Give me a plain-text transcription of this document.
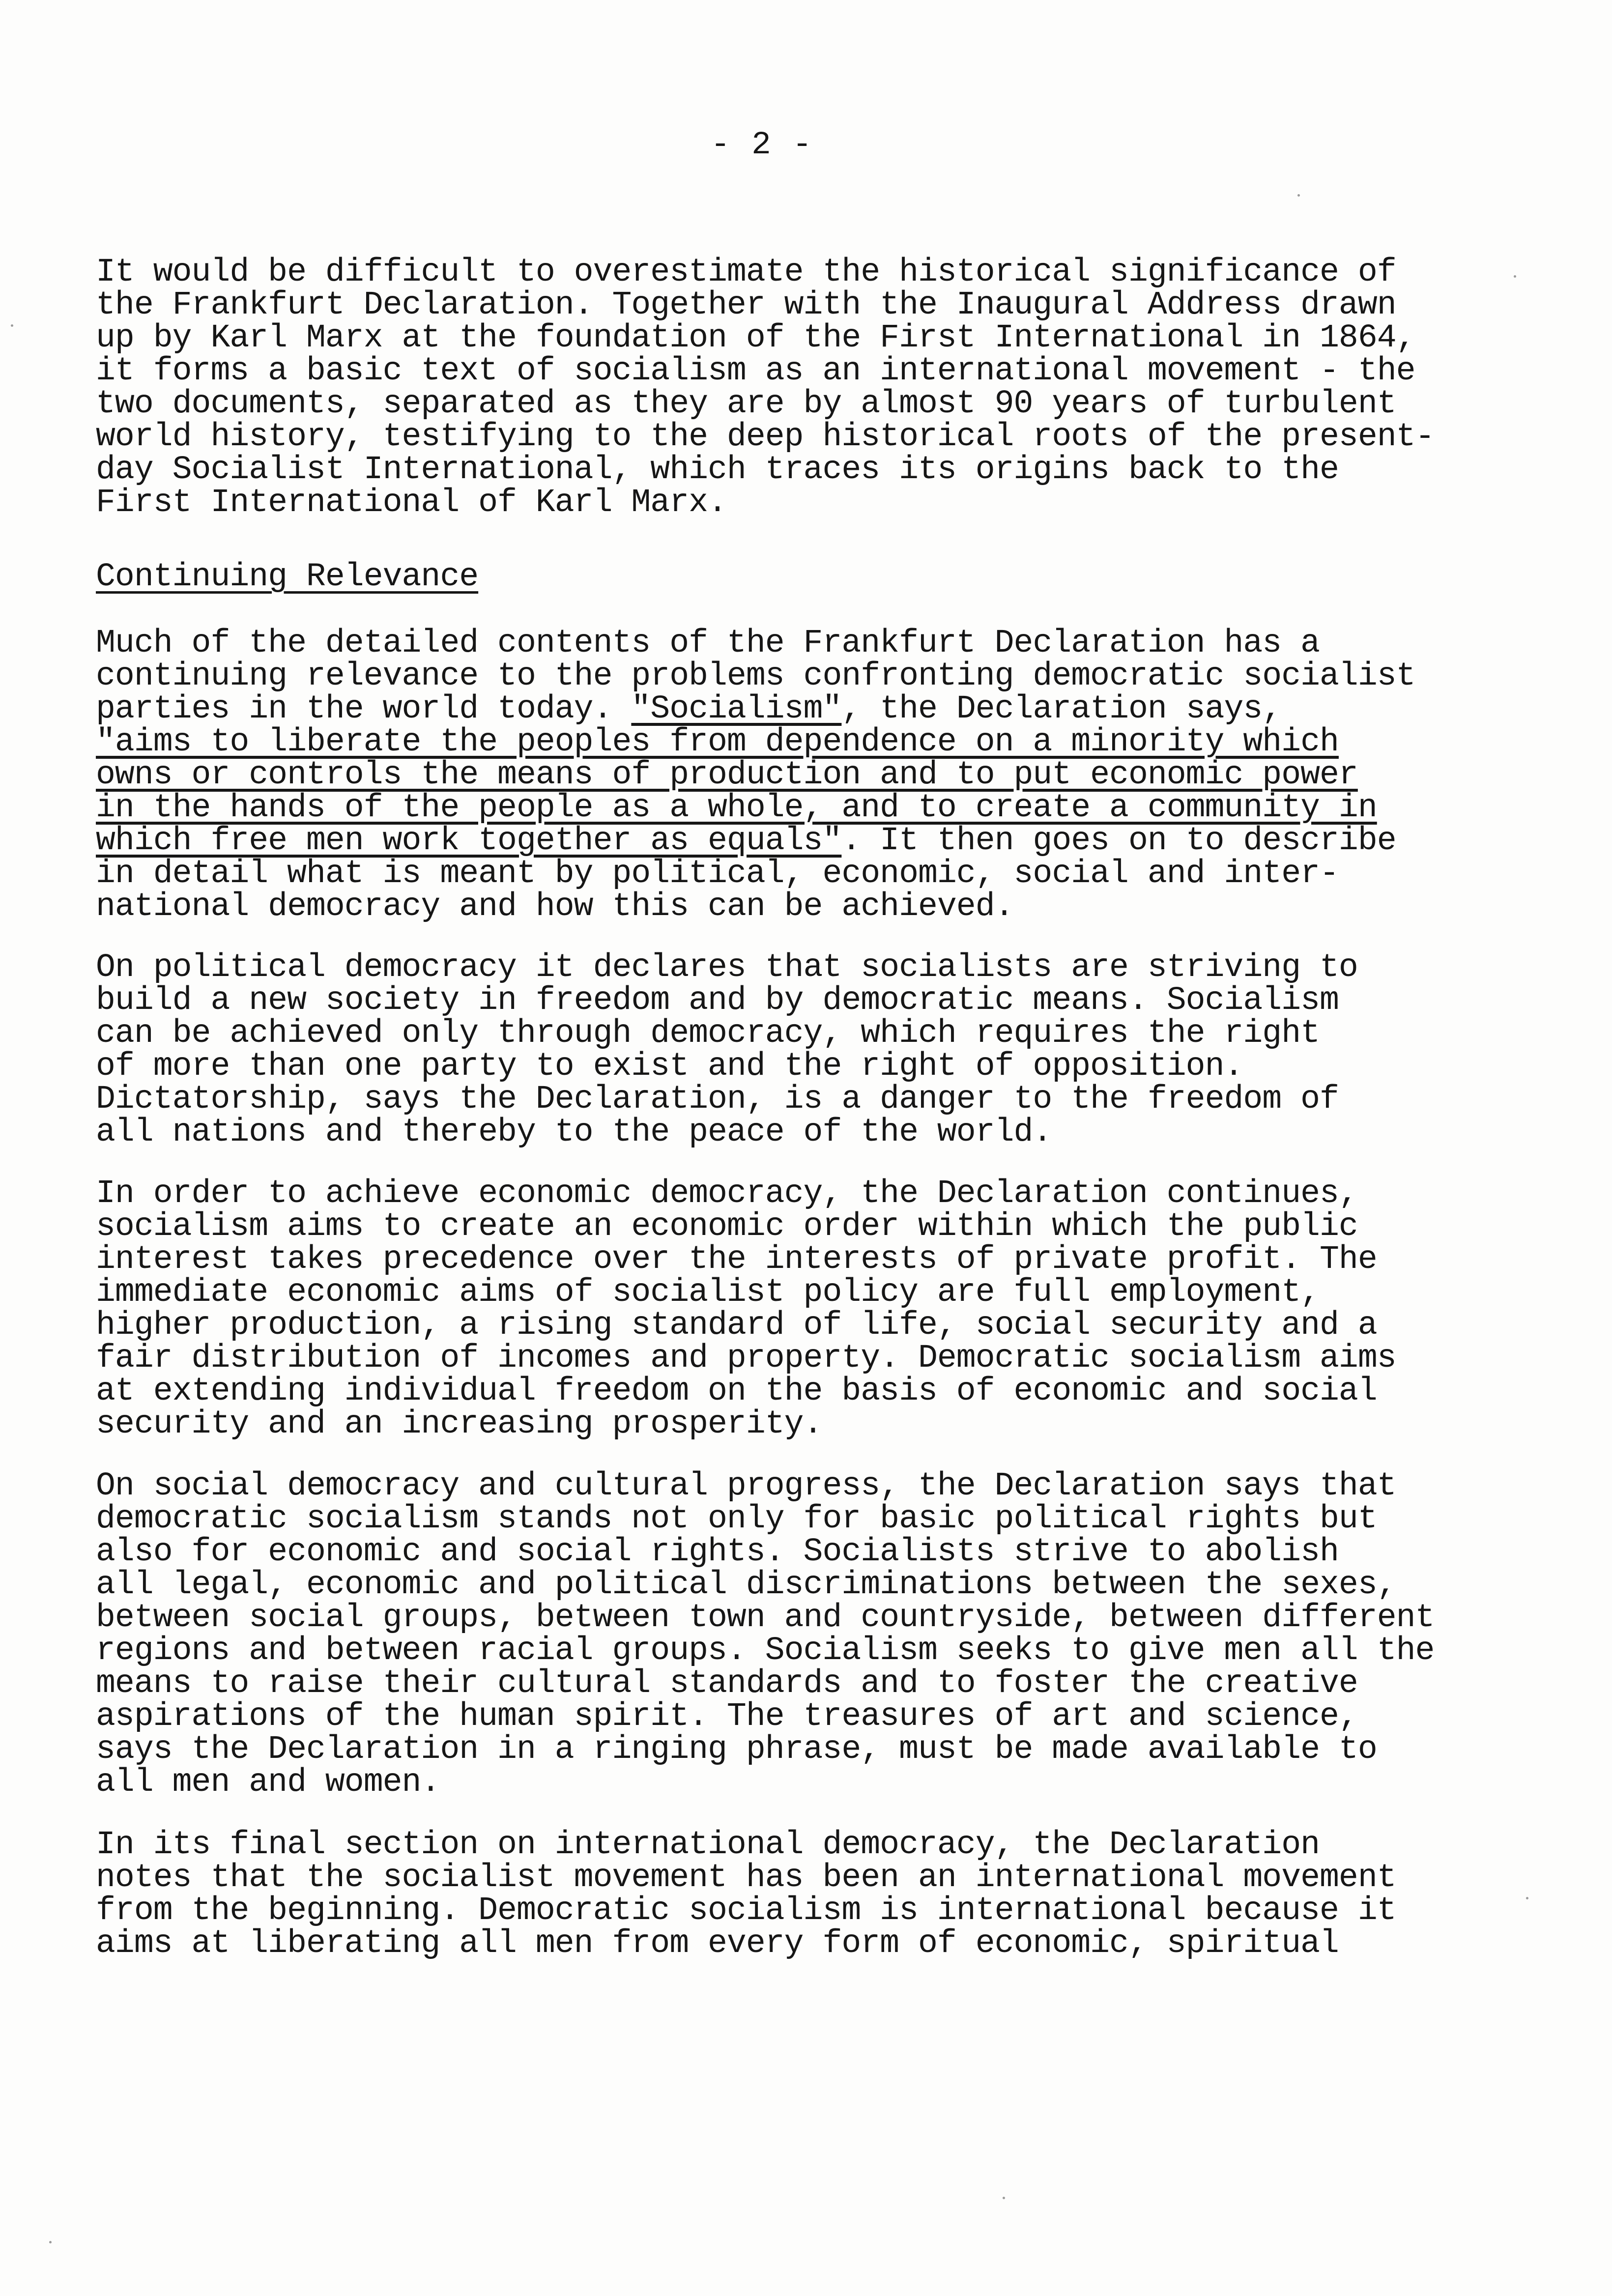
- 2 -
It would be difficult to overestimate the historical significance of
the Frankfurt Declaration. Together with the Inaugural Address drawn
up by Karl Marx at the foundation of the First International in 1864,
it forms a basic text of socialism as an international movement - the
two documents, separated as they are by almost 90 years of turbulent
world history, testifying to the deep historical roots of the present-
day Socialist International, which traces its origins back to the
First International of Karl Marx.
Continuing Relevance
Much of the detailed contents of the Frankfurt Declaration has a
continuing relevance to the problems confronting democratic socialist
parties in the world today. "Socialism", the Declaration says,
"aims to liberate the peoples from dependence on a minority which
owns or controls the means of production and to put economic power
in the hands of the people as a whole, and to create a community in
which free men work together as equals". It then goes on to describe
in detail what is meant by political, economic, social and inter-
national democracy and how this can be achieved.
On political democracy it declares that socialists are striving to
build a new society in freedom and by democratic means. Socialism
can be achieved only through democracy, which requires the right
of more than one party to exist and the right of opposition.
Dictatorship, says the Declaration, is a danger to the freedom of
all nations and thereby to the peace of the world.
In order to achieve economic democracy, the Declaration continues,
socialism aims to create an economic order within which the public
interest takes precedence over the interests of private profit. The
immediate economic aims of socialist policy are full employment,
higher production, a rising standard of life, social security and a
fair distribution of incomes and property. Democratic socialism aims
at extending individual freedom on the basis of economic and social
security and an increasing prosperity.
On social democracy and cultural progress, the Declaration says that
democratic socialism stands not only for basic political rights but
also for economic and social rights. Socialists strive to abolish
all legal, economic and political discriminations between the sexes,
between social groups, between town and countryside, between different
regions and between racial groups. Socialism seeks to give men all the
means to raise their cultural standards and to foster the creative
aspirations of the human spirit. The treasures of art and science,
says the Declaration in a ringing phrase, must be made available to
all men and women.
In its final section on international democracy, the Declaration
notes that the socialist movement has been an international movement
from the beginning. Democratic socialism is international because it
aims at liberating all men from every form of economic, spiritual
